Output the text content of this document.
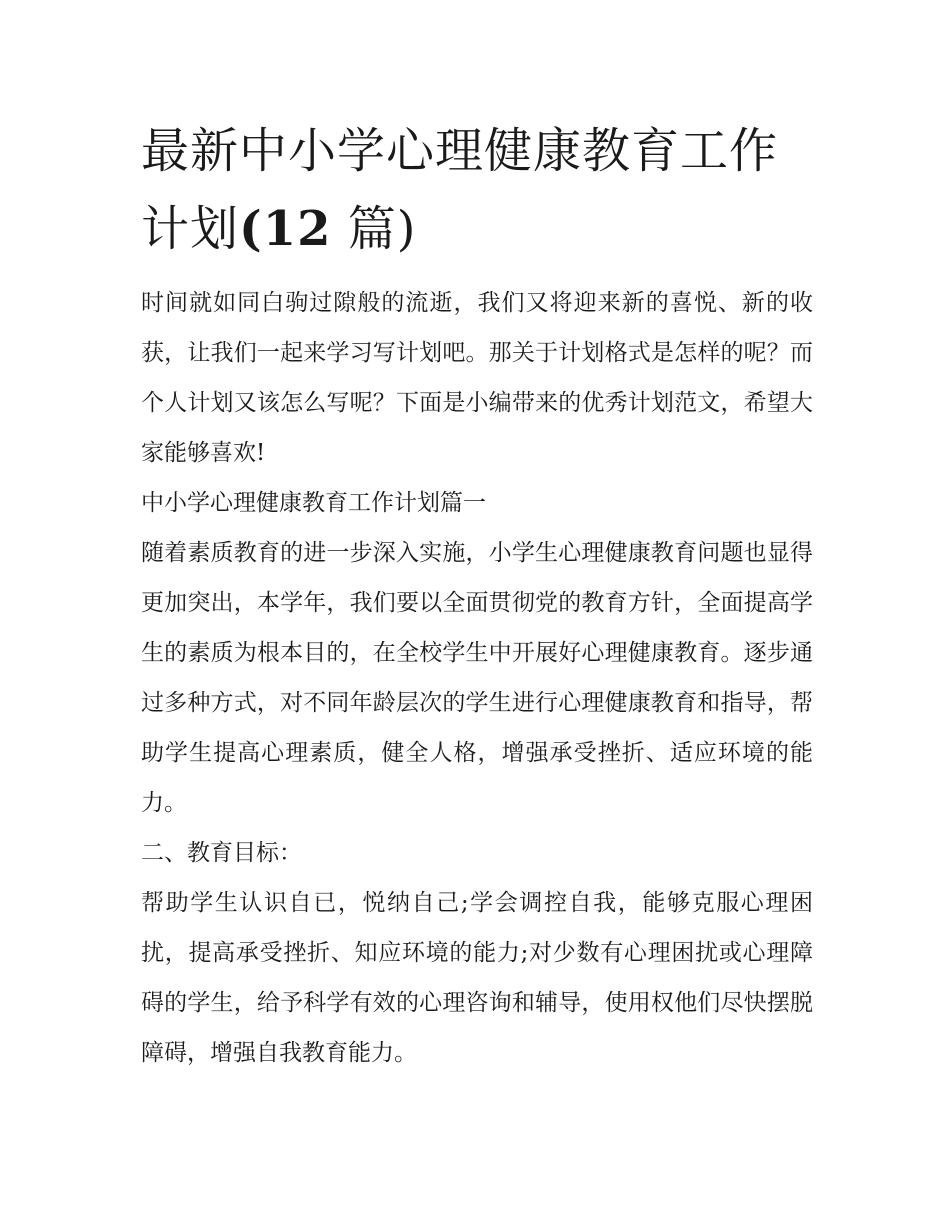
最新中小学心理健康教育工作
计划(12 篇)

时间就如同白驹过隙般的流逝，我们又将迎来新的喜悦、新的收获，让我们一起来学习写计划吧。那关于计划格式是怎样的呢？而个人计划又该怎么写呢？下面是小编带来的优秀计划范文，希望大家能够喜欢!

中小学心理健康教育工作计划篇一

随着素质教育的进一步深入实施，小学生心理健康教育问题也显得更加突出，本学年，我们要以全面贯彻党的教育方针，全面提高学生的素质为根本目的，在全校学生中开展好心理健康教育。逐步通过多种方式，对不同年龄层次的学生进行心理健康教育和指导，帮助学生提高心理素质，健全人格，增强承受挫折、适应环境的能力。

二、教育目标：

帮助学生认识自已，悦纳自己;学会调控自我，能够克服心理困扰，提高承受挫折、知应环境的能力;对少数有心理困扰或心理障碍的学生，给予科学有效的心理咨询和辅导，使用权他们尽快摆脱障碍，增强自我教育能力。
